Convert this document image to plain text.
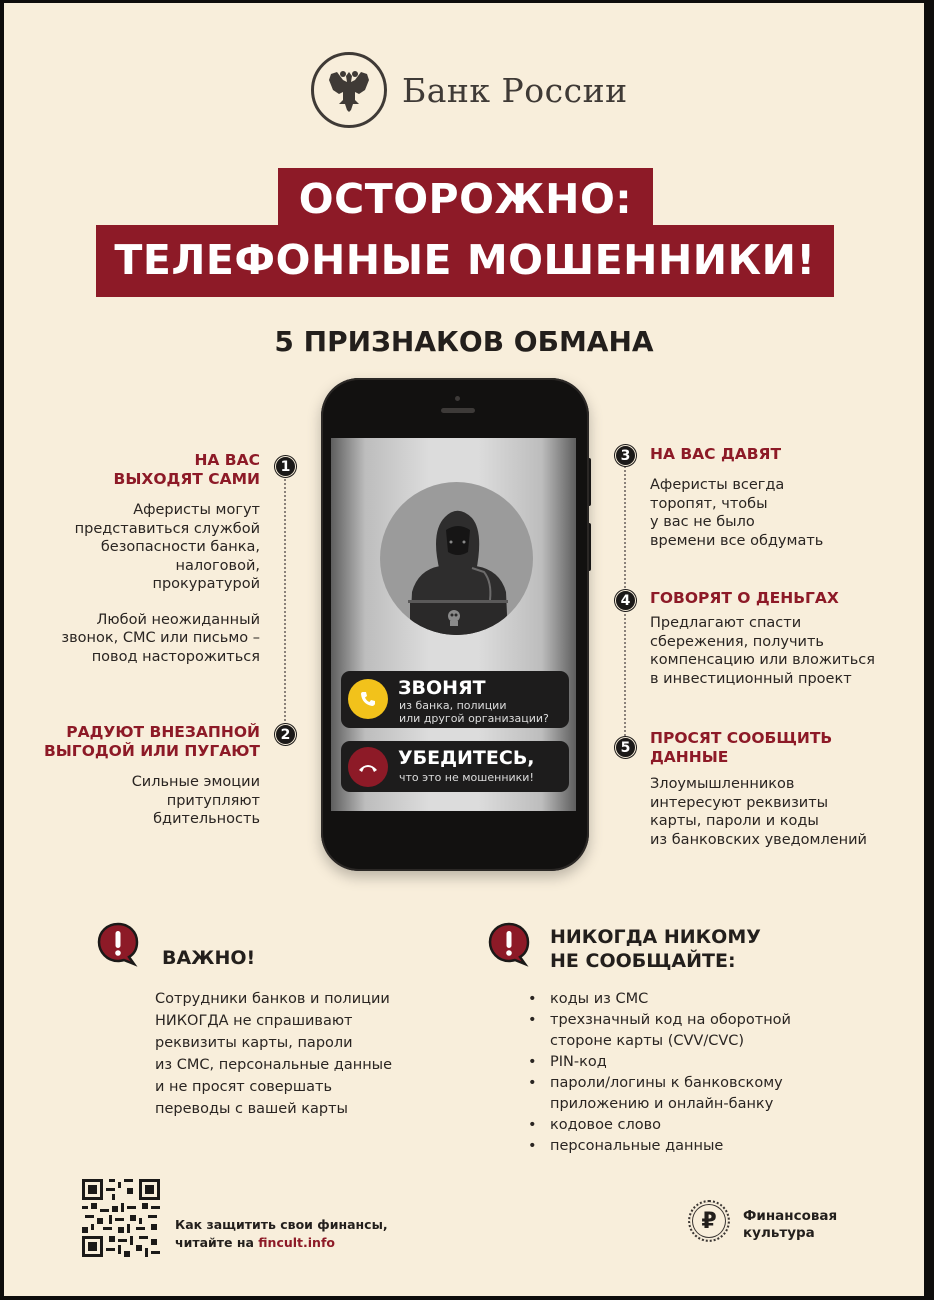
Банк России
ОСТОРОЖНО:
ТЕЛЕФОННЫЕ МОШЕННИКИ!
5 ПРИЗНАКОВ ОБМАНА
ЗВОНЯТ
из банка, полиции
или другой организации?
УБЕДИТЕСЬ,
что это не мошенники!
1
2
3
4
5
НА ВАС
ВЫХОДЯТ САМИ
Аферисты могут
представиться службой
безопасности банка,
налоговой,
прокуратурой
Любой неожиданный
звонок, СМС или письмо –
повод насторожиться
РАДУЮТ ВНЕЗАПНОЙ
ВЫГОДОЙ ИЛИ ПУГАЮТ
Сильные эмоции
притупляют
бдительность
НА ВАС ДАВЯТ
Аферисты всегда
торопят, чтобы
у вас не было
времени все обдумать
ГОВОРЯТ О ДЕНЬГАХ
Предлагают спасти
сбережения, получить
компенсацию или вложиться
в инвестиционный проект
ПРОСЯТ СООБЩИТЬ
ДАННЫЕ
Злоумышленников
интересуют реквизиты
карты, пароли и коды
из банковских уведомлений
ВАЖНО!
Сотрудники банков и полиции
НИКОГДА не спрашивают
реквизиты карты, пароли
из СМС, персональные данные
и не просят совершать
переводы с вашей карты
НИКОГДА НИКОМУ
НЕ СООБЩАЙТЕ:
• коды из СМС
• трехзначный код на оборотной
стороне карты (CVV/CVC)
• PIN-код
• пароли/логины к банковскому
приложению и онлайн-банку
• кодовое слово
• персональные данные
Как защитить свои финансы,
читайте на fincult.info
₽	Финансовая
культура
